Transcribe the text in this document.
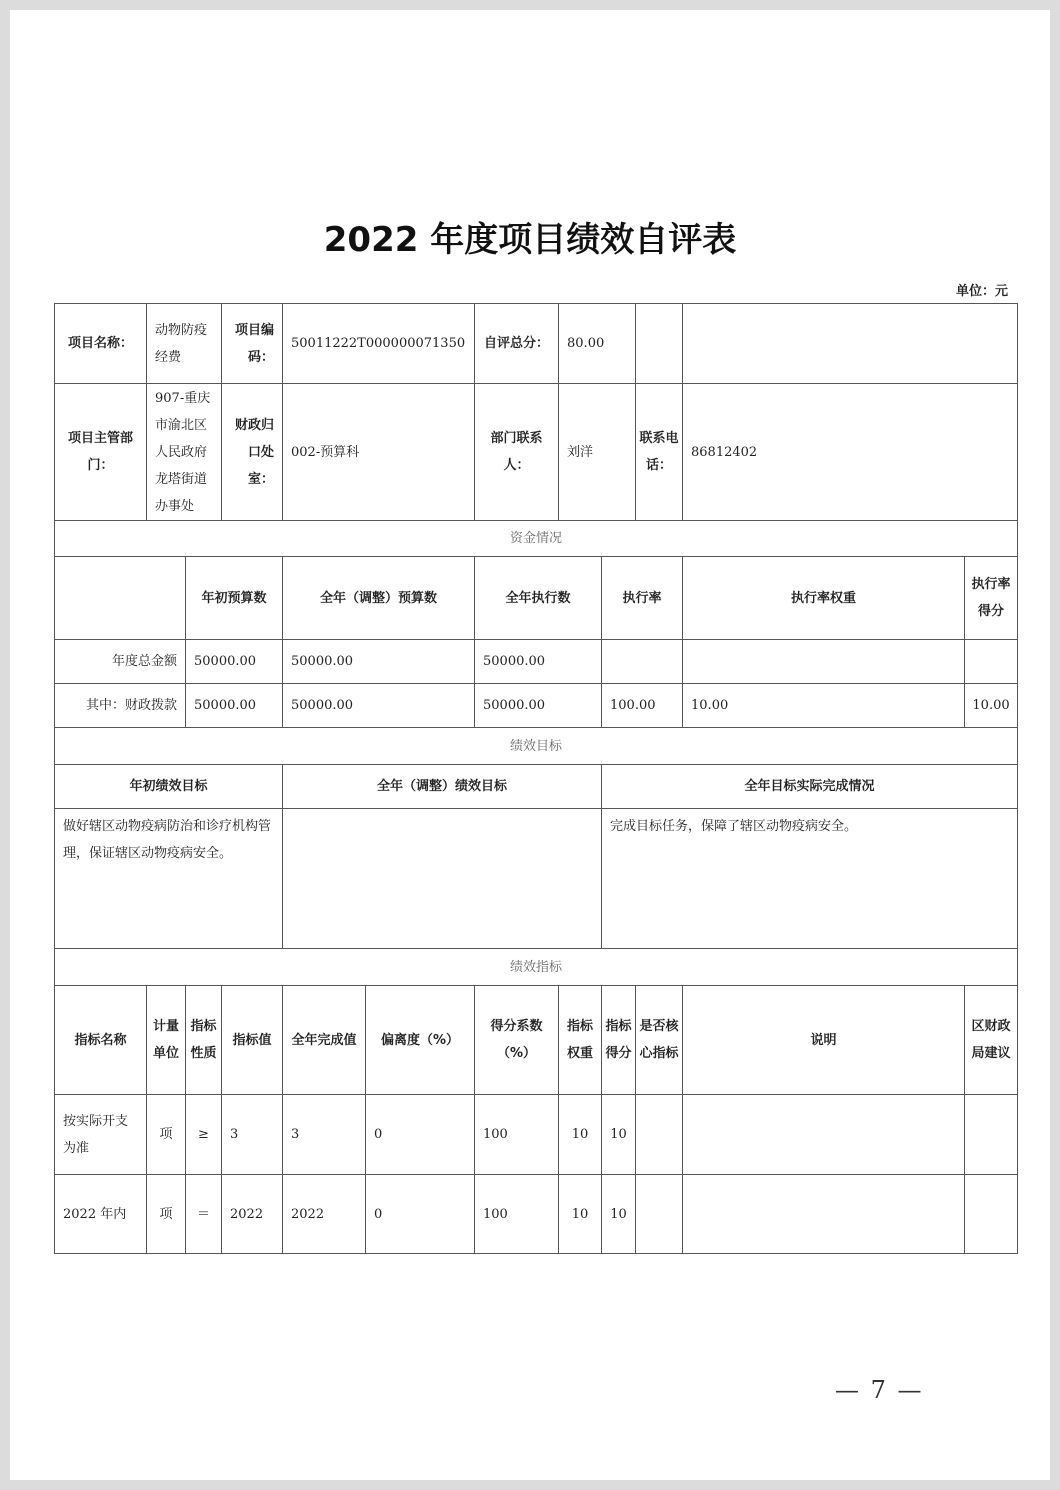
2022 年度项目绩效自评表
单位：元
项目名称：	动物防疫经费		项目编码：	50011222T000000071350		自评总分：	80.00				
项目主管部门：	907-重庆市渝北区人民政府龙塔街道办事处		财政归口处室：	002-预算科		部门联系人：	刘洋		联系电话：	86812402	
资金情况											
		年初预算数		全年（调整）预算数		全年执行数		执行率		执行率权重	执行率得分
年度总金额		50000.00		50000.00		50000.00					
其中：财政拨款		50000.00		50000.00		50000.00		100.00		10.00	10.00
绩效目标											
年初绩效目标				全年（调整）绩效目标				全年目标实际完成情况			
做好辖区动物疫病防治和诊疗机构管理，保证辖区动物疫病安全。								完成目标任务，保障了辖区动物疫病安全。			
绩效指标											
指标名称	计量单位	指标性质	指标值	全年完成值	偏离度（%）	得分系数（%）	指标权重	指标得分	是否核心指标	说明	区财政局建议
按实际开支为准	项	≥	3	3	0	100	10	10			
2022 年内	项	＝	2022	2022	0	100	10	10			
— 7 —
